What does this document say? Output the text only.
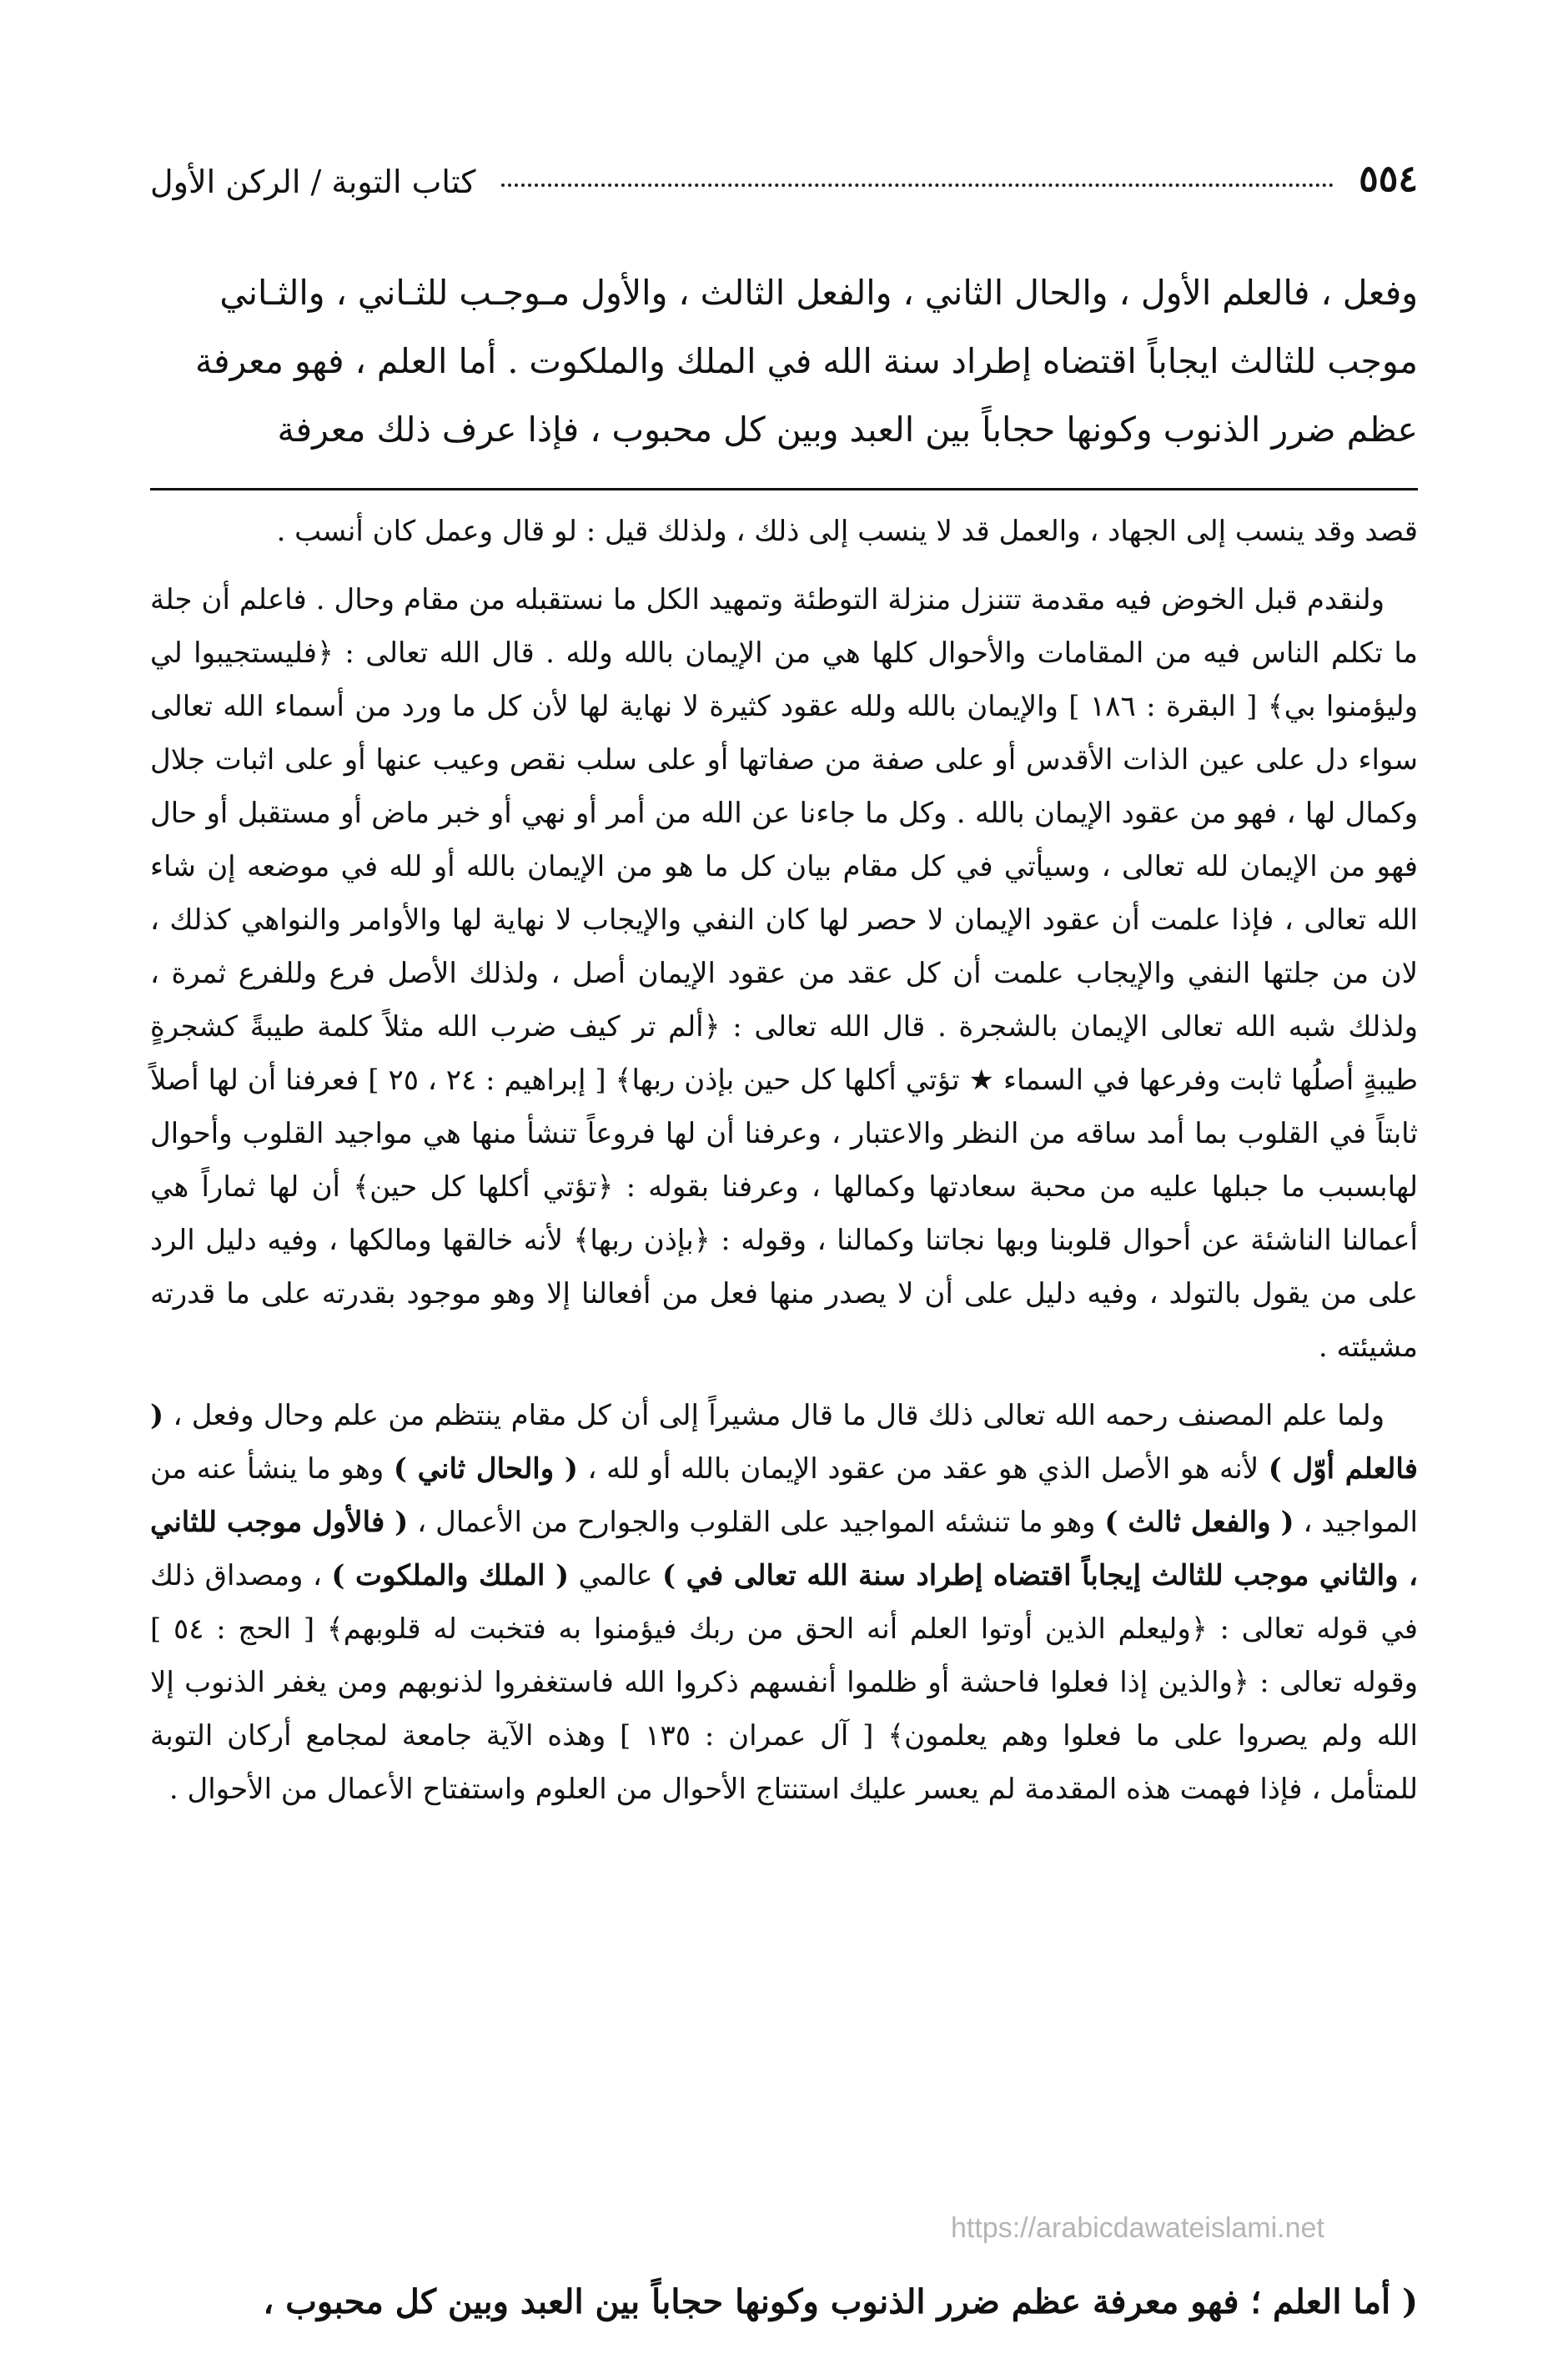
٥٥٤
كتاب التوبة / الركن الأول

وفعل ، فالعلم الأول ، والحال الثاني ، والفعل الثالث ، والأول مـوجـب للثـاني ، والثـاني

موجب للثالث ايجاباً اقتضاه إطراد سنة الله في الملك والملكوت . أما العلم ، فهو معرفة

عظم ضرر الذنوب وكونها حجاباً بين العبد وبين كل محبوب ، فإذا عرف ذلك معرفة

قصد وقد ينسب إلى الجهاد ، والعمل قد لا ينسب إلى ذلك ، ولذلك قيل : لو قال وعمل كان أنسب .

ولنقدم قبل الخوض فيه مقدمة تتنزل منزلة التوطئة وتمهيد الكل ما نستقبله من مقام وحال . فاعلم أن جلة ما تكلم الناس فيه من المقامات والأحوال كلها هي من الإيمان بالله ولله . قال الله تعالى : ﴿فليستجيبوا لي وليؤمنوا بي﴾ [ البقرة : ١٨٦ ] والإيمان بالله ولله عقود كثيرة لا نهاية لها لأن كل ما ورد من أسماء الله تعالى سواء دل على عين الذات الأقدس أو على صفة من صفاتها أو على سلب نقص وعيب عنها أو على اثبات جلال وكمال لها ، فهو من عقود الإيمان بالله . وكل ما جاءنا عن الله من أمر أو نهي أو خبر ماض أو مستقبل أو حال فهو من الإيمان لله تعالى ، وسيأتي في كل مقام بيان كل ما هو من الإيمان بالله أو لله في موضعه إن شاء الله تعالى ، فإذا علمت أن عقود الإيمان لا حصر لها كان النفي والإيجاب لا نهاية لها والأوامر والنواهي كذلك ، لان من جلتها النفي والإيجاب علمت أن كل عقد من عقود الإيمان أصل ، ولذلك الأصل فرع وللفرع ثمرة ، ولذلك شبه الله تعالى الإيمان بالشجرة . قال الله تعالى : ﴿ألم تر كيف ضرب الله مثلاً كلمة طيبةً كشجرةٍ طيبةٍ أصلُها ثابت وفرعها في السماء ★ تؤتي أكلها كل حين بإذن ربها﴾ [ إبراهيم : ٢٤ ، ٢٥ ] فعرفنا أن لها أصلاً ثابتاً في القلوب بما أمد ساقه من النظر والاعتبار ، وعرفنا أن لها فروعاً تنشأ منها هي مواجيد القلوب وأحوال لهابسبب ما جبلها عليه من محبة سعادتها وكمالها ، وعرفنا بقوله : ﴿تؤتي أكلها كل حين﴾ أن لها ثماراً هي أعمالنا الناشئة عن أحوال قلوبنا وبها نجاتنا وكمالنا ، وقوله : ﴿بإذن ربها﴾ لأنه خالقها ومالكها ، وفيه دليل الرد على من يقول بالتولد ، وفيه دليل على أن لا يصدر منها فعل من أفعالنا إلا وهو موجود بقدرته على ما قدرته مشيئته .

ولما علم المصنف رحمه الله تعالى ذلك قال ما قال مشيراً إلى أن كل مقام ينتظم من علم وحال وفعل ، ( فالعلم أوّل ) لأنه هو الأصل الذي هو عقد من عقود الإيمان بالله أو لله ، ( والحال ثاني ) وهو ما ينشأ عنه من المواجيد ، ( والفعل ثالث ) وهو ما تنشئه المواجيد على القلوب والجوارح من الأعمال ، ( فالأول موجب للثاني ، والثاني موجب للثالث إيجاباً اقتضاه إطراد سنة الله تعالى في ) عالمي ( الملك والملكوت ) ، ومصداق ذلك في قوله تعالى : ﴿وليعلم الذين أوتوا العلم أنه الحق من ربك فيؤمنوا به فتخبت له قلوبهم﴾ [ الحج : ٥٤ ] وقوله تعالى : ﴿والذين إذا فعلوا فاحشة أو ظلموا أنفسهم ذكروا الله فاستغفروا لذنوبهم ومن يغفر الذنوب إلا الله ولم يصروا على ما فعلوا وهم يعلمون﴾ [ آل عمران : ١٣٥ ] وهذه الآية جامعة لمجامع أركان التوبة للمتأمل ، فإذا فهمت هذه المقدمة لم يعسر عليك استنتاج الأحوال من العلوم واستفتاح الأعمال من الأحوال .

( أما العلم ؛ فهو معرفة عظم ضرر الذنوب وكونها حجاباً بين العبد وبين كل محبوب ،
https://arabicdawateislami.net
